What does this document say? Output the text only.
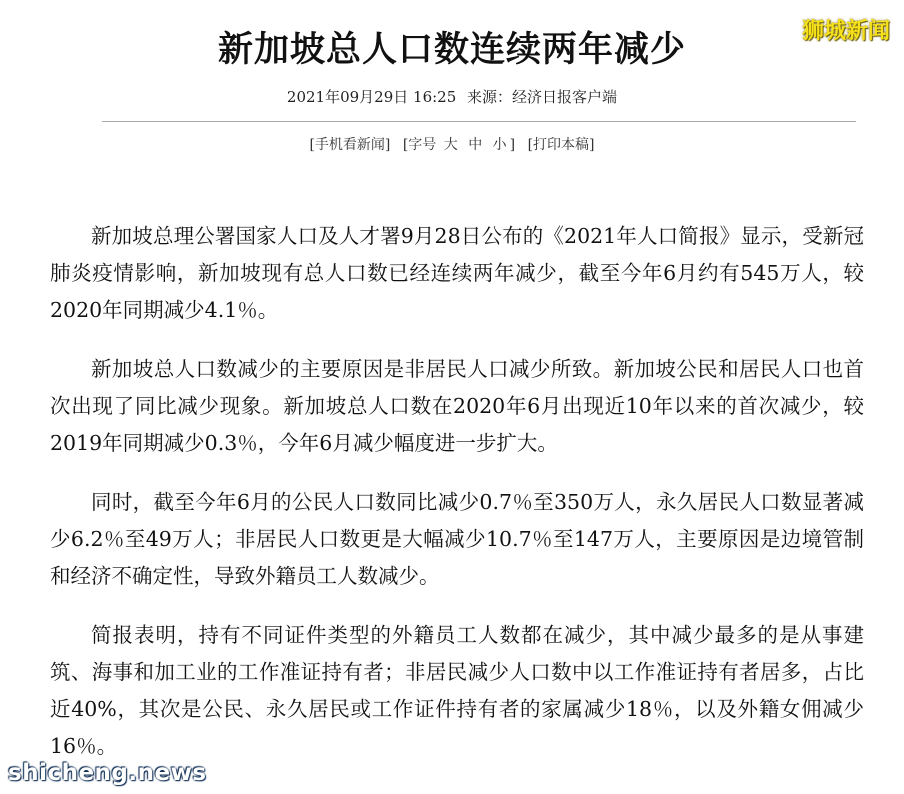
狮城新闻
新加坡总人口数连续两年减少
2021年09月29日 16:25 来源：经济日报客户端
[手机看新闻] [字号 大 中 小 ] [打印本稿]

新加坡总理公署国家人口及人才署9月28日公布的《2021年人口简报》显示，受新冠肺炎疫情影响，新加坡现有总人口数已经连续两年减少，截至今年6月约有545万人，较2020年同期减少4.1％。

新加坡总人口数减少的主要原因是非居民人口减少所致。新加坡公民和居民人口也首次出现了同比减少现象。新加坡总人口数在2020年6月出现近10年以来的首次减少，较2019年同期减少0.3％，今年6月减少幅度进一步扩大。

同时，截至今年6月的公民人口数同比减少0.7％至350万人，永久居民人口数显著减少6.2％至49万人；非居民人口数更是大幅减少10.7％至147万人，主要原因是边境管制和经济不确定性，导致外籍员工人数减少。

简报表明，持有不同证件类型的外籍员工人数都在减少，其中减少最多的是从事建筑、海事和加工业的工作准证持有者；非居民减少人口数中以工作准证持有者居多，占比近40%，其次是公民、永久居民或工作证件持有者的家属减少18％，以及外籍女佣减少16％。

shicheng.news
